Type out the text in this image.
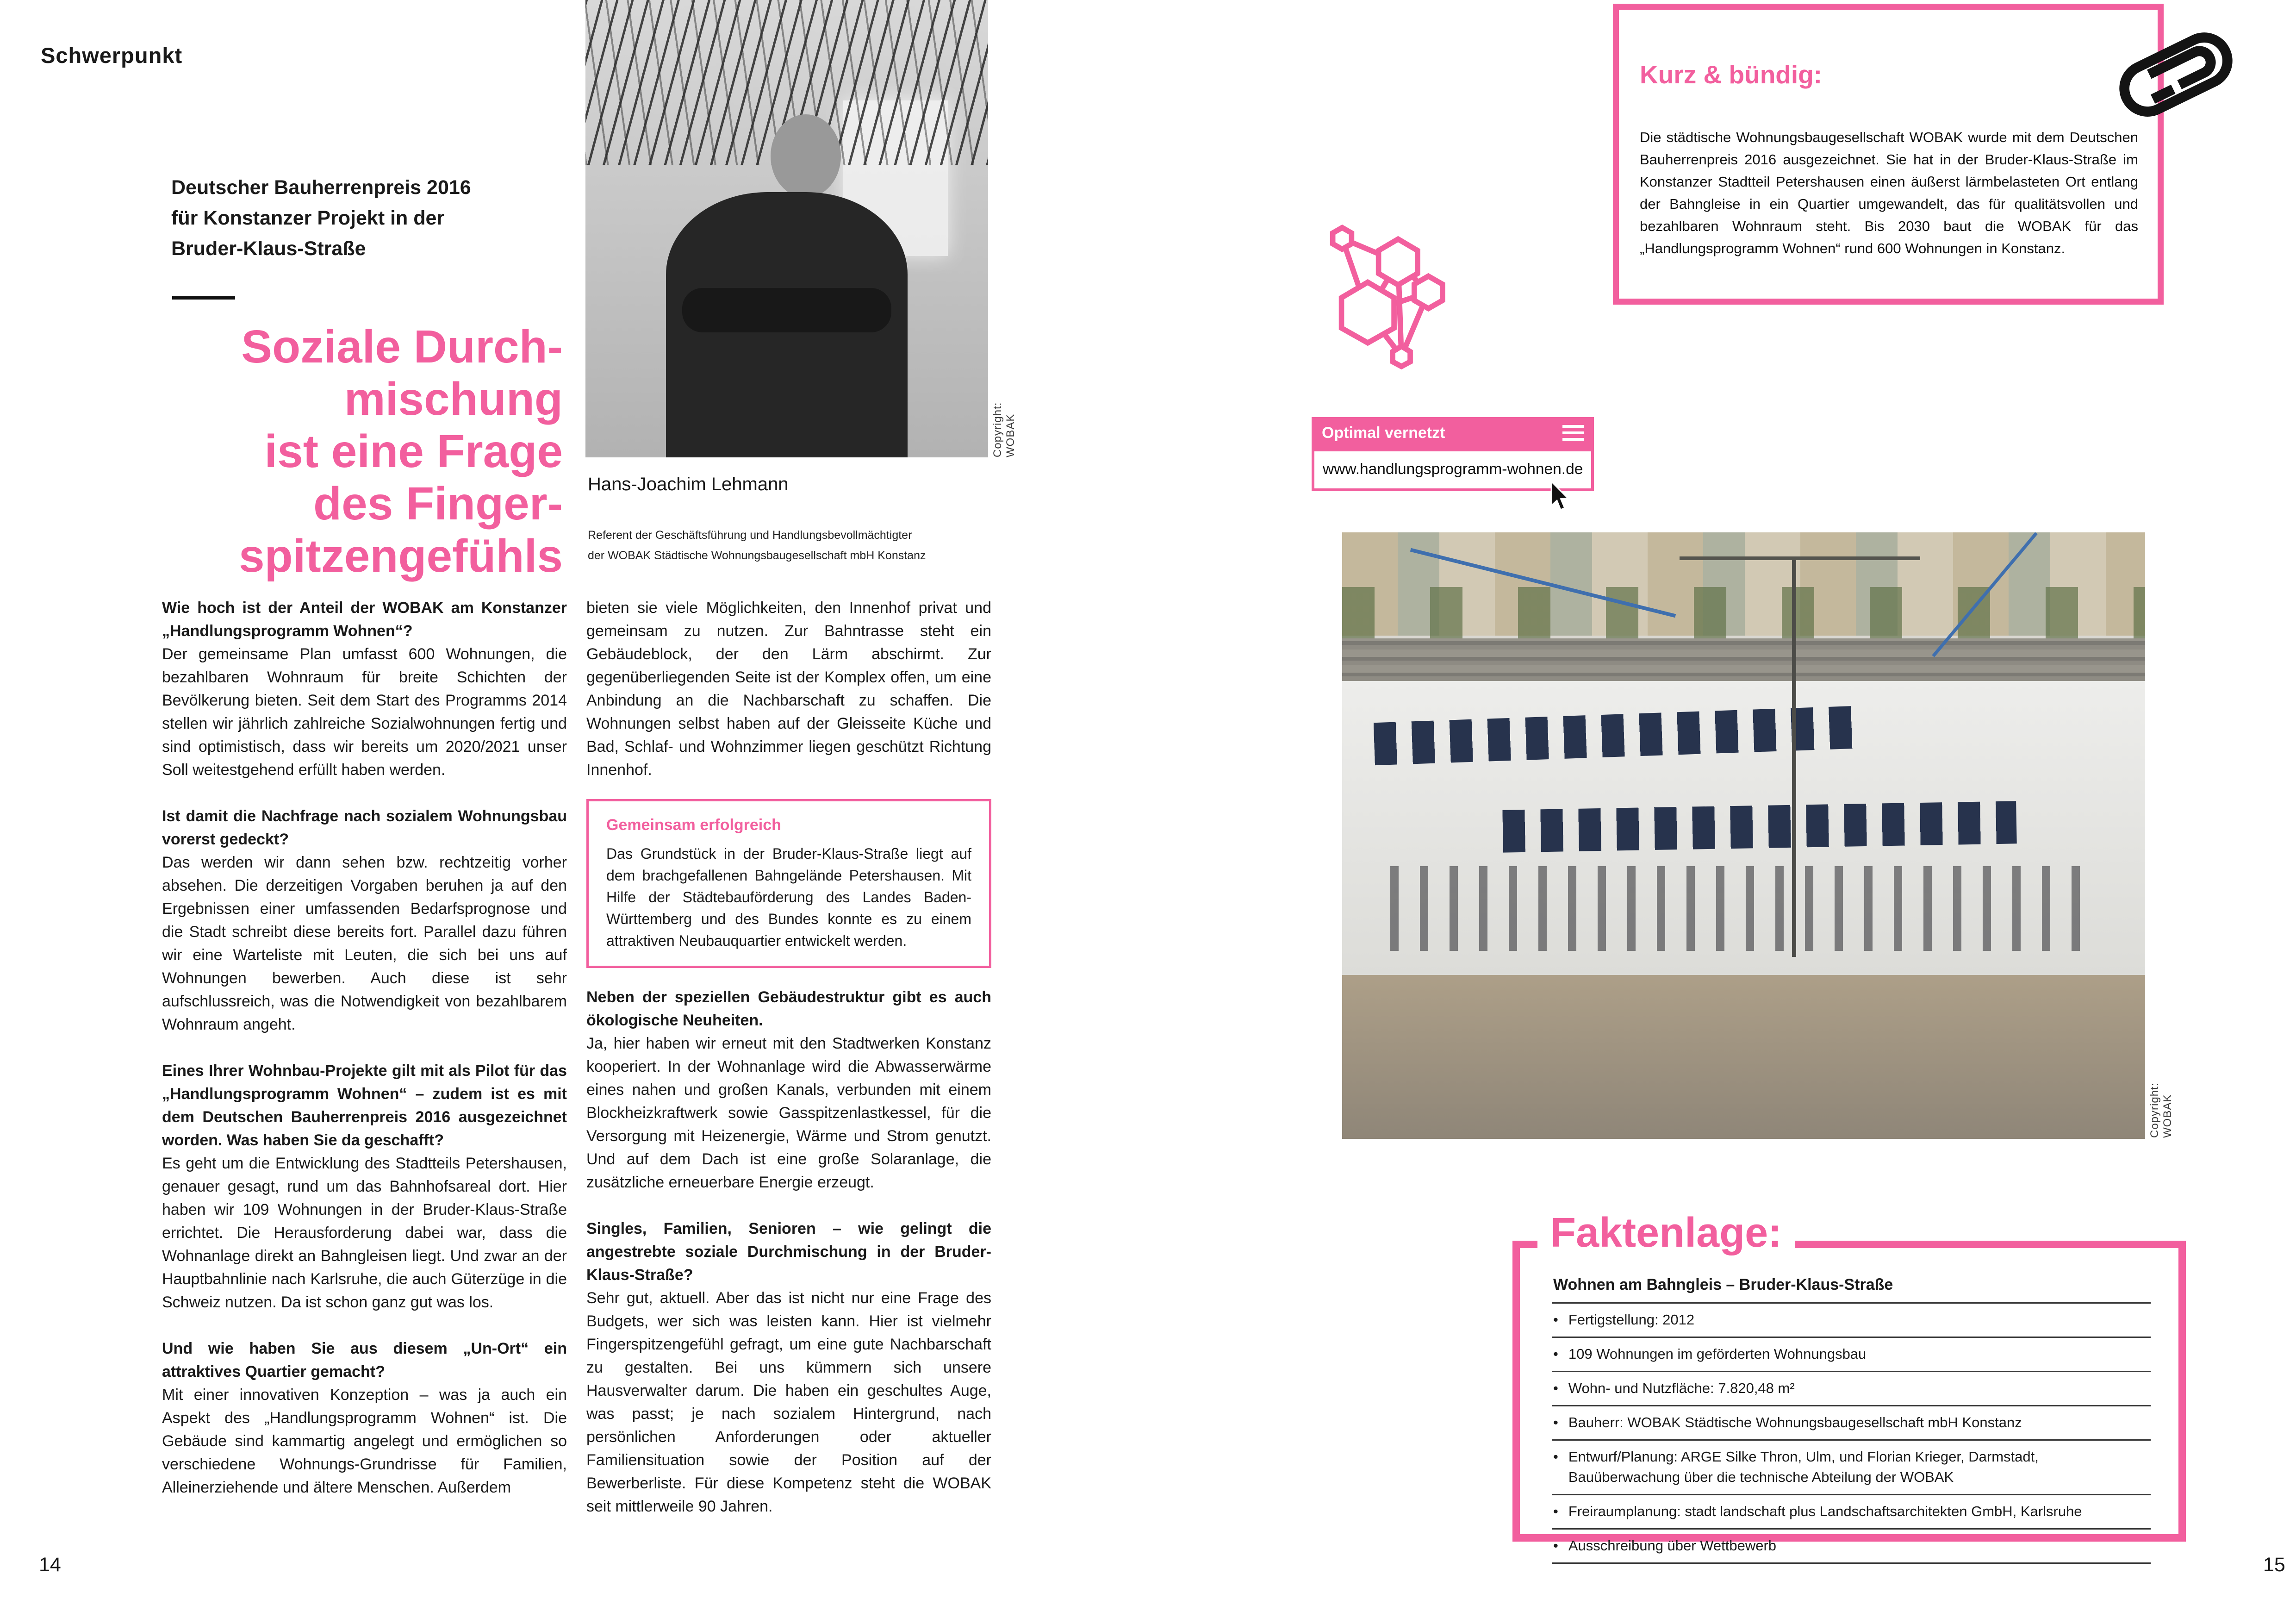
Schwerpunkt
Deutscher Bauherrenpreis 2016
für Konstanzer Projekt in der
Bruder-Klaus-Straße
Soziale Durch-
mischung
ist eine Frage
des Finger-
spitzengefühls
Copyright: WOBAK
Hans-Joachim Lehmann
Referent der Geschäftsführung und Handlungsbevollmächtigter
der WOBAK Städtische Wohnungsbaugesellschaft mbH Konstanz

Wie hoch ist der Anteil der WOBAK am Konstanzer „Handlungsprogramm Wohnen“?

Der gemeinsame Plan umfasst 600 Wohnungen, die bezahlbaren Wohnraum für breite Schichten der Bevölkerung bieten. Seit dem Start des Programms 2014 stellen wir jährlich zahlreiche Sozialwohnungen fertig und sind optimistisch, dass wir bereits um 2020/2021 unser Soll weitestgehend erfüllt haben werden.

Ist damit die Nachfrage nach sozialem Wohnungsbau vorerst gedeckt?

Das werden wir dann sehen bzw. rechtzeitig vorher absehen. Die derzeitigen Vorgaben beruhen ja auf den Ergebnissen einer umfassenden Bedarfsprognose und die Stadt schreibt diese bereits fort. Parallel dazu führen wir eine Warteliste mit Leuten, die sich bei uns auf Wohnungen bewerben. Auch diese ist sehr aufschlussreich, was die Notwendigkeit von bezahlbarem Wohnraum angeht.

Eines Ihrer Wohnbau-Projekte gilt mit als Pilot für das „Handlungsprogramm Wohnen“ – zudem ist es mit dem Deutschen Bauherrenpreis 2016 ausgezeichnet worden. Was haben Sie da geschafft?

Es geht um die Entwicklung des Stadtteils Petershausen, genauer gesagt, rund um das Bahnhofsareal dort. Hier haben wir 109 Wohnungen in der Bruder-Klaus-Straße errichtet. Die Herausforderung dabei war, dass die Wohnanlage direkt an Bahngleisen liegt. Und zwar an der Hauptbahnlinie nach Karlsruhe, die auch Güterzüge in die Schweiz nutzen. Da ist schon ganz gut was los.

Und wie haben Sie aus diesem „Un-Ort“ ein attraktives Quartier gemacht?

Mit einer innovativen Konzeption – was ja auch ein Aspekt des „Handlungsprogramm Wohnen“ ist. Die Gebäude sind kammartig angelegt und ermöglichen so verschiedene Wohnungs-Grundrisse für Familien, Alleinerziehende und ältere Menschen. Außerdem

bieten sie viele Möglichkeiten, den Innenhof privat und gemeinsam zu nutzen. Zur Bahntrasse steht ein Gebäudeblock, der den Lärm abschirmt. Zur gegenüberliegenden Seite ist der Komplex offen, um eine Anbindung an die Nachbarschaft zu schaffen. Die Wohnungen selbst haben auf der Gleisseite Küche und Bad, Schlaf- und Wohnzimmer liegen geschützt Richtung Innenhof.

Gemeinsam erfolgreich

Das Grundstück in der Bruder-Klaus-Straße liegt auf dem brachgefallenen Bahngelände Petershausen. Mit Hilfe der Städtebauförderung des Landes Baden-Württemberg und des Bundes konnte es zu einem attraktiven Neubauquartier entwickelt werden.

Neben der speziellen Gebäudestruktur gibt es auch ökologische Neuheiten.

Ja, hier haben wir erneut mit den Stadtwerken Konstanz kooperiert. In der Wohnanlage wird die Abwasserwärme eines nahen und großen Kanals, verbunden mit einem Blockheizkraftwerk sowie Gasspitzenlastkessel, für die Versorgung mit Heizenergie, Wärme und Strom genutzt. Und auf dem Dach ist eine große Solaranlage, die zusätzliche erneuerbare Energie erzeugt.

Singles, Familien, Senioren – wie gelingt die angestrebte soziale Durchmischung in der Bruder-Klaus-Straße?

Sehr gut, aktuell. Aber das ist nicht nur eine Frage des Budgets, wer sich was leisten kann. Hier ist vielmehr Fingerspitzengefühl gefragt, um eine gute Nachbarschaft zu gestalten. Bei uns kümmern sich unsere Hausverwalter darum. Die haben ein geschultes Auge, was passt; je nach sozialem Hintergrund, nach persönlichen Anforderungen oder aktueller Familiensituation sowie der Position auf der Bewerberliste. Für diese Kompetenz steht die WOBAK seit mittlerweile 90 Jahren.

14
Kurz & bündig:

Die städtische Wohnungsbaugesellschaft WOBAK wurde mit dem Deutschen Bauherrenpreis 2016 ausgezeichnet. Sie hat in der Bruder-Klaus-Straße im Konstanzer Stadtteil Petershausen einen äußerst lärmbelasteten Ort entlang der Bahngleise in ein Quartier umgewandelt, das für qualitätsvollen und bezahlbaren Wohnraum steht. Bis 2030 baut die WOBAK für das „Handlungsprogramm Wohnen“ rund 600 Wohnungen in Konstanz.

Optimal vernetzt
www.handlungsprogramm-wohnen.de
Copyright: WOBAK
Faktenlage:
Wohnen am Bahngleis – Bruder-Klaus-Straße
•
Fertigstellung: 2012
•
109 Wohnungen im geförderten Wohnungsbau
•
Wohn- und Nutzfläche: 7.820,48 m²
•
Bauherr: WOBAK Städtische Wohnungsbaugesellschaft mbH Konstanz
•
Entwurf/Planung: ARGE Silke Thron, Ulm, und Florian Krieger, Darmstadt, Bauüberwachung über die technische Abteilung der WOBAK
•
Freiraumplanung: stadt landschaft plus Landschaftsarchitekten GmbH, Karlsruhe
•
Ausschreibung über Wettbewerb
15
